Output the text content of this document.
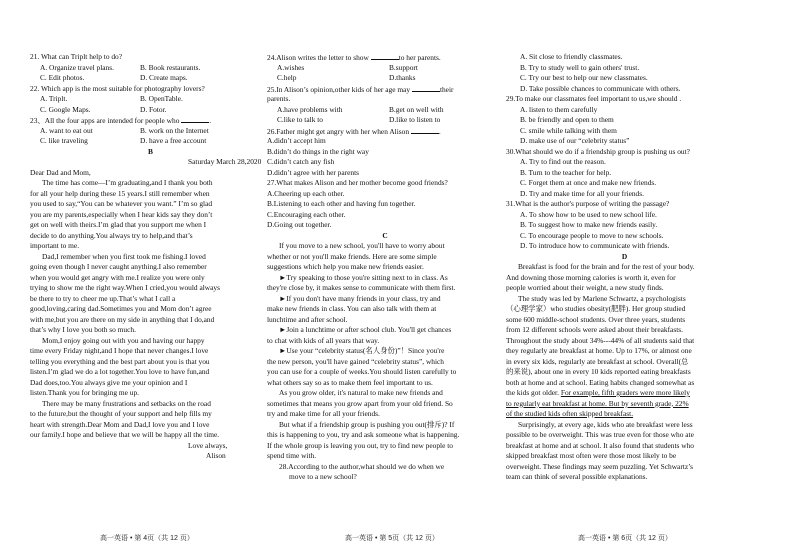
21. What can Triplt help to do?
A. Organize travel plans.	B. Book restaurants.
C. Edit photos.	D. Create maps.
22. Which app is the most suitable for photography lovers?
A. Triplt.	B. OpenTable.
C. Google Maps.	D. Fotor.
23、All the four apps are intended for people who	.
A. want to eat out	B. work on the Internet
C. like traveling	D. have a free account
B
Saturday March 28,2020
Dear Dad and Mom,
The time has come—I’m graduating,and I thank you both
for all your help during these 15 years.I still remember when
you used to say,“You can be whatever you want.” I’m so glad
you are my parents,especially when I hear kids say they don’t
get on well with theirs.I’m glad that you support me when I
decide to do anything.You always try to help,and that’s
important to me.
Dad,I remember when you first took me fishing.I loved
going even though I never caught anything.I also remember
when you would get angry with me.I realize you were only
trying to show me the right way.When I cried,you would always
be there to try to cheer me up.That’s what I call a
good,loving,caring dad.Sometimes you and Mom don’t agree
with me,but you are there on my side in anything that I do,and
that’s why I love you both so much.
Mom,I enjoy going out with you and having our happy
time every Friday night,and I hope that never changes.I love
telling you everything and the best part about you is that you
listen.I’m glad we do a lot together.You love to have fun,and
Dad does,too.You always give me your opinion and I
listen.Thank you for bringing me up.
There may be many frustrations and setbacks on the road
to the future,but the thought of your support and help fills my
heart with strength.Dear Mom and Dad,I love you and I love
our family.I hope and believe that we will be happy all the time.
Love always,
Alison
24.Alison writes the letter to show	to her parents.
A.wishes	B.support
C.help	D.thanks
25.In Alison’s opinion,other kids of her age may	their
parents.
A.have problems with	B.get on well with
C.like to talk to	D.like to listen to
26.Father might get angry with her when Alison	.
A.didn’t accept him
B.didn’t do things in the right way
C.didn’t catch any fish
D.didn’t agree with her parents
27.What makes Alison and her mother become good friends?
A.Cheering up each other.
B.Listening to each other and having fun together.
C.Encouraging each other.
D.Going out together.
C
If you move to a new school, you'll have to worry about
whether or not you'll make friends. Here are some simple
suggestions which help you make new friends easier.
►Try speaking to those you're sitting next to in class. As
they're close by, it makes sense to communicate with them first.
►If you don't have many friends in your class, try and
make new friends in class. You can also talk with them at
lunchtime and after school.
►Join a lunchtime or after school club. You'll get chances
to chat with kids of all years that way.
►Use your “celebrity status(名人身份)”！Since you're
the new person, you'll have gained “celebrity status”, which
you can use for a couple of weeks.You should listen carefully to
what others say so as to make them feel important to us.
As you grow older, it's natural to make new friends and
sometimes that means you grow apart from your old friend. So
try and make time for all your friends.
But what if a friendship group is pushing you out(排斥)? If
this is happening to you, try and ask someone what is happening.
If the whole group is leaving you out, try to find new people to
spend time with.
28.According to the author,what should we do when we
move to a new school?
A. Sit close to friendly classmates.
B. Try to study well to gain others' trust.
C. Try our best to help our new classmates.
D. Take possible chances to communicate with others.
29.To make our classmates feel important to us,we should .
A. listen to them carefully
B. be friendly and open to them
C. smile while talking with them
D. make use of our “celebrity status”
30.What should we do if a friendship group is pushing us out?
A. Try to find out the reason.
B. Turn to the teacher for help.
C. Forget them at once and make new friends.
D. Try and make time for all your friends.
31.What is the author's purpose of writing the passage?
A. To show how to be used to new school life.
B. To suggest how to make new friends easily.
C. To encourage people to move to new schools.
D. To introduce how to communicate with friends.
D
Breakfast is food for the brain and for the rest of your body.
And downing those morning calories is worth it, even for
people worried about their weight, a new study finds.
The study was led by Marlene Schwartz, a psychologists
（心理学家）who studies obesity(肥胖). Her group studied
some 600 middle-school students. Over three years, students
from 12 different schools were asked about their breakfasts.
Throughout the study about 34%---44% of all students said that
they regularly ate breakfast at home. Up to 17%, or almost one
in every six kids, regularly ate breakfast at school. Overall(总
的来说), about one in every 10 kids reported eating breakfasts
both at home and at school. Eating habits changed somewhat as
the kids got older. For example, fifth graders were more likely
to regularly eat breakfast at home. But by seventh grade, 22%
of the studied kids often skipped breakfast.
Surprisingly, at every age, kids who ate breakfast were less
possible to be overweight. This was true even for those who ate
breakfast at home and at school. It also found that students who
skipped breakfast most often were those most likely to be
overweight. These findings may seem puzzling. Yet Schwartz’s
team can think of several possible explanations.
高一英语 • 第 4页（共 12 页）	高一英语 • 第 5页（共 12 页）	高一英语 • 第 6页（共 12 页）
